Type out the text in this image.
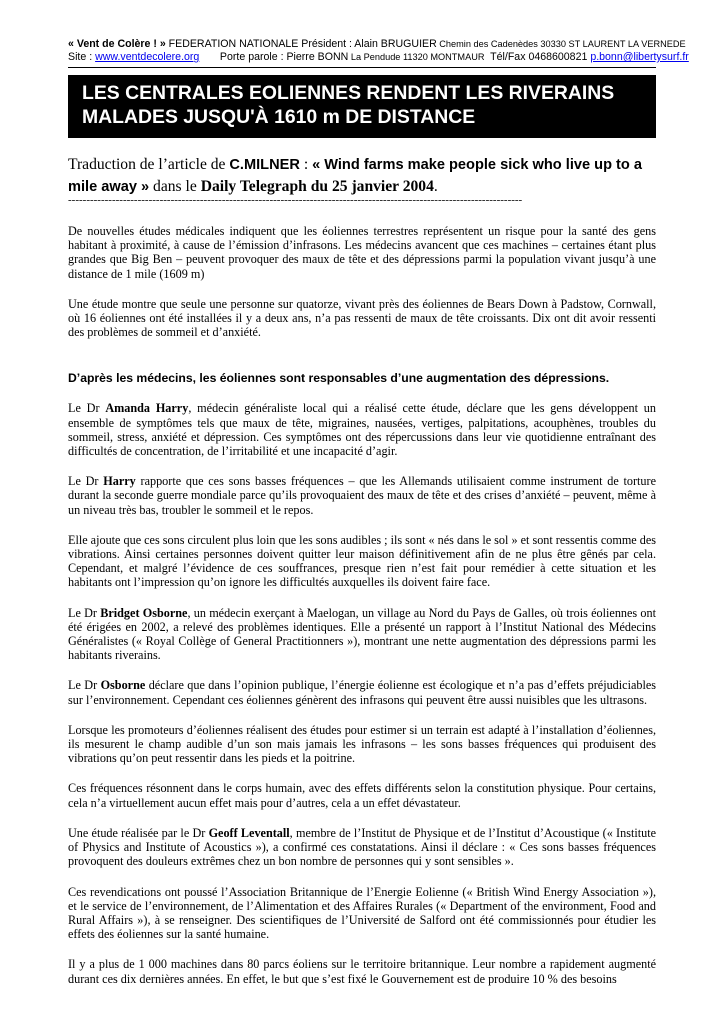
« Vent de Colère ! » FEDERATION NATIONALE Président : Alain BRUGUIER Chemin des Cadenèdes 30330 ST LAURENT LA VERNEDE
Site : www.ventdecolere.org       Porte parole : Pierre BONN La Pendude 11320 MONTMAUR  Tél/Fax 0468600821 p.bonn@libertysurf.fr
LES CENTRALES EOLIENNES RENDENT LES RIVERAINS
MALADES JUSQU'À 1610 m DE DISTANCE
Traduction de l’article de C.MILNER : « Wind farms make people sick who live up to a mile away » dans le Daily Telegraph du 25 janvier 2004.
----------------------------------------------------------------------------------------------------------------------------

De nouvelles études médicales indiquent que les éoliennes terrestres représentent un risque pour la santé des gens habitant à proximité, à cause de l’émission d’infrasons. Les médecins avancent que ces machines – certaines étant plus grandes que Big Ben – peuvent provoquer des maux de tête et des dépressions parmi la population vivant jusqu’à une distance de 1 mile (1609 m)

Une étude montre que seule une personne sur quatorze, vivant près des éoliennes de Bears Down à Padstow, Cornwall, où 16 éoliennes ont été installées il y a deux ans, n’a pas ressenti de maux de tête croissants. Dix ont dit avoir ressenti des problèmes de sommeil et d’anxiété.

D’après les médecins, les éoliennes sont responsables d’une augmentation des dépressions.

Le Dr Amanda Harry, médecin généraliste local qui a réalisé cette étude, déclare que les gens développent un ensemble de symptômes tels que maux de tête, migraines, nausées, vertiges, palpitations, acouphènes, troubles du sommeil, stress, anxiété et dépression. Ces symptômes ont des répercussions dans leur vie quotidienne entraînant des difficultés de concentration, de l’irritabilité et une incapacité d’agir.

Le Dr Harry rapporte que ces sons basses fréquences – que les Allemands utilisaient comme instrument de torture durant la seconde guerre mondiale parce qu’ils provoquaient des maux de tête et des crises d’anxiété – peuvent, même à un niveau très bas, troubler le sommeil et le repos.

Elle ajoute que ces sons circulent plus loin que les sons audibles ; ils sont « nés dans le sol » et sont ressentis comme des vibrations. Ainsi certaines personnes doivent quitter leur maison définitivement afin de ne plus être gênés par cela. Cependant, et malgré l’évidence de ces souffrances, presque rien n’est fait pour remédier à cette situation et les habitants ont l’impression qu’on ignore les difficultés auxquelles ils doivent faire face.

Le Dr Bridget Osborne, un médecin exerçant à Maelogan, un village au Nord du Pays de Galles, où trois éoliennes ont été érigées en 2002, a relevé des problèmes identiques. Elle a présenté un rapport à l’Institut National des Médecins Généralistes (« Royal Collège of General Practitionners »), montrant une nette augmentation des dépressions parmi les habitants riverains.

Le Dr Osborne déclare que dans l’opinion publique, l’énergie éolienne est écologique et n’a pas d’effets préjudiciables sur l’environnement. Cependant ces éoliennes génèrent des infrasons qui peuvent être aussi nuisibles que les ultrasons.

Lorsque les promoteurs d’éoliennes réalisent des études pour estimer si un terrain est adapté à l’installation d’éoliennes, ils mesurent le champ audible d’un son mais jamais les infrasons – les sons basses fréquences qui produisent des vibrations qu’on peut ressentir dans les pieds et la poitrine.

Ces fréquences résonnent dans le corps humain, avec des effets différents selon la constitution physique. Pour certains, cela n’a virtuellement aucun effet mais pour d’autres, cela a un effet dévastateur.

Une étude réalisée par le Dr Geoff Leventall, membre de l’Institut de Physique et de l’Institut d’Acoustique (« Institute of Physics and Institute of Acoustics »), a confirmé ces constatations. Ainsi il déclare : « Ces sons basses fréquences provoquent des douleurs extrêmes chez un bon nombre de personnes qui y sont sensibles ».

Ces revendications ont poussé l’Association Britannique de l’Energie Eolienne (« British Wind Energy Association »), et le service de l’environnement, de l’Alimentation et des Affaires Rurales (« Department of the environment, Food and Rural Affairs »), à se renseigner. Des scientifiques de l’Université de Salford ont été commissionnés pour étudier les effets des éoliennes sur la santé humaine.

Il y a plus de 1 000 machines dans 80 parcs éoliens sur le territoire britannique. Leur nombre a rapidement augmenté durant ces dix dernières années. En effet, le but que s’est fixé le Gouvernement est de produire 10 % des besoins
